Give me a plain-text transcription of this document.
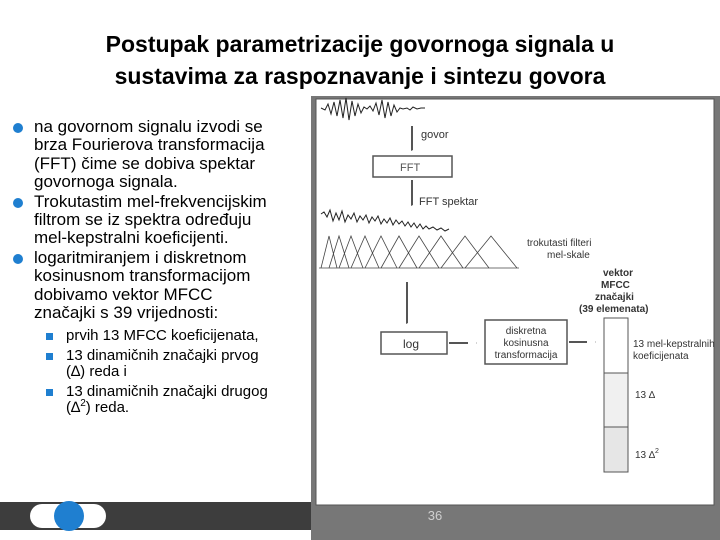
Postupak parametrizacije govornoga signala u
sustavima za raspoznavanje i sintezu govora
na govornom signalu izvodi se
brza Fourierova transformacija
(FFT) čime se dobiva spektar
govornoga signala.
Trokutastim mel-frekvencijskim
filtrom se iz spektra određuju
mel-kepstralni koeficijenti.
logaritmiranjem i diskretnom
kosinusnom transformacijom
dobivamo vektor MFCC
značajki s 39 vrijednosti:
prvih 13 MFCC koeficijenata,
13 dinamičnih značajki prvog
(∆) reda i
13 dinamičnih značajki drugog
(∆$^2$) reda.
govor
FFT
FFT spektar
trokutasti filteri
mel-skale
vektor
MFCC
značajki
(39 elemenata)
log
diskretna
kosinusna
transformacija
13 mel-kepstralnih
koeficijenata
13 ∆
13 ∆$^2$
36
